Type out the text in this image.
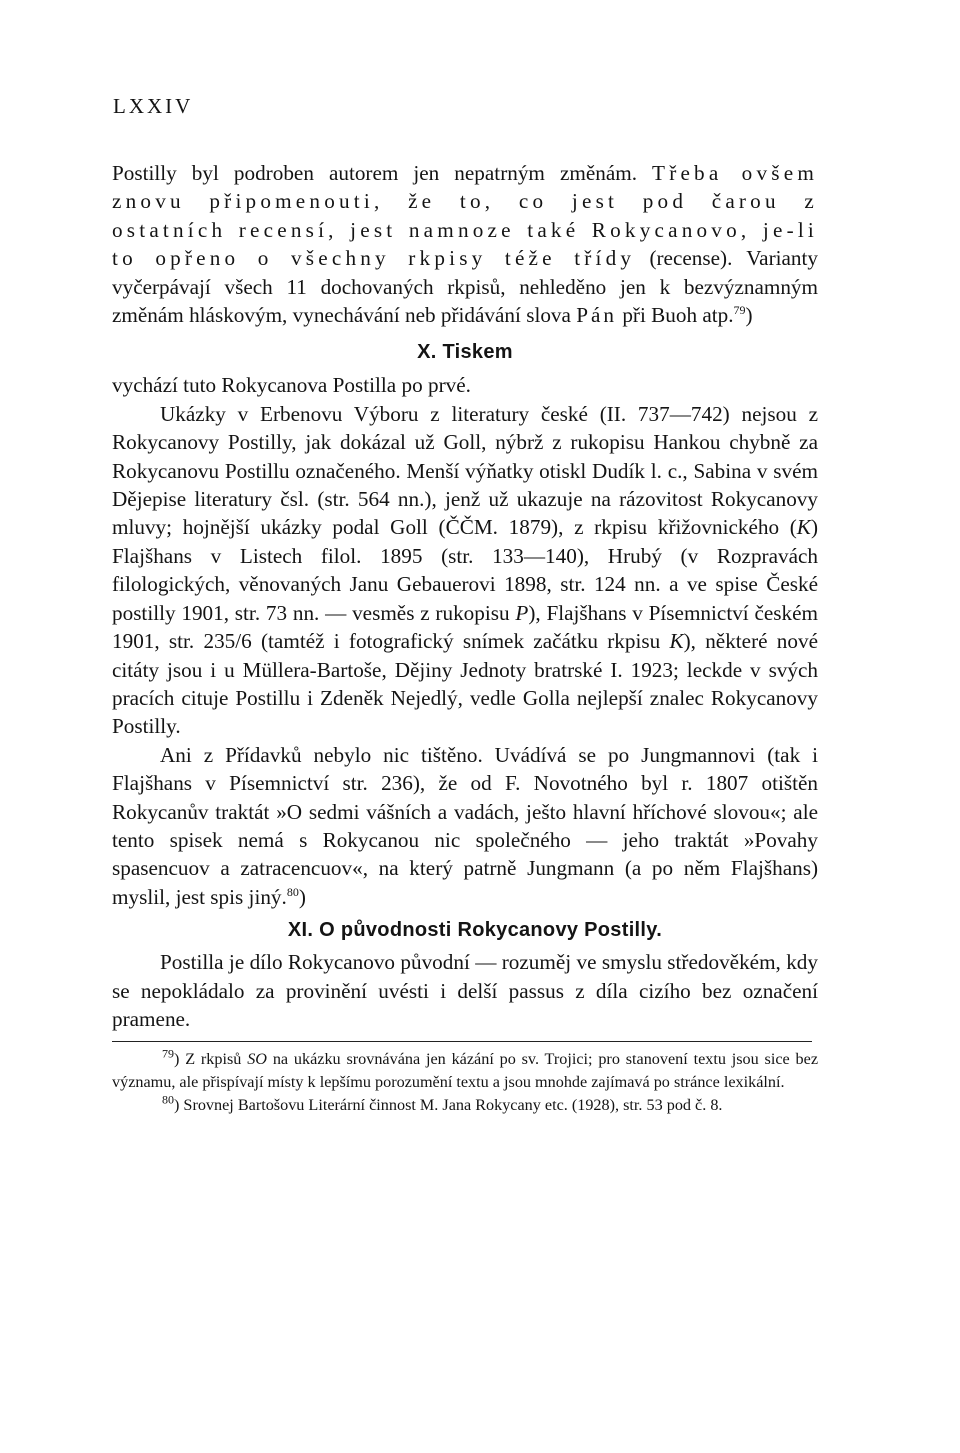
LXXIV

Postilly byl podroben autorem jen nepatrným změnám. Třeba ovšem znovu připomenouti, že to, co jest pod čarou z ostatních recensí, jest namnoze také Rokycanovo, je-li to opřeno o všechny rkpisy téže třídy (recense). Varianty vyčerpávají všech 11 dochovaných rkpisů, nehleděno jen k bezvýznamným změnám hláskovým, vynechávání neb přidávání slova Pán při Buoh atp.$^{79}$)

X. Tiskem

vychází tuto Rokycanova Postilla po prvé.

Ukázky v Erbenovu Výboru z literatury české (II. 737—742) nejsou z Rokycanovy Postilly, jak dokázal už Goll, nýbrž z rukopisu Hankou chybně za Rokycanovu Postillu označeného. Menší výňatky otiskl Dudík l. c., Sabina v svém Dějepise literatury čsl. (str. 564 nn.), jenž už ukazuje na rázovitost Rokycanovy mluvy; hojnější ukázky podal Goll (ČČM. 1879), z rkpisu křižovnického (K) Flajšhans v Listech filol. 1895 (str. 133—140), Hrubý (v Rozpravách filologických, věnovaných Janu Gebauerovi 1898, str. 124 nn. a ve spise České postilly 1901, str. 73 nn. — vesměs z rukopisu P), Flajšhans v Písemnictví českém 1901, str. 235/6 (tamtéž i fotografický snímek začátku rkpisu K), některé nové citáty jsou i u Müllera-Bartoše, Dějiny Jednoty bratrské I. 1923; leckde v svých pracích cituje Postillu i Zdeněk Nejedlý, vedle Golla nejlepší znalec Rokycanovy Postilly.

Ani z Přídavků nebylo nic tištěno. Uvádívá se po Jungmannovi (tak i Flajšhans v Písemnictví str. 236), že od F. Novotného byl r. 1807 otištěn Rokycanův traktát »O sedmi vášních a vadách, ješto hlavní hříchové slovou«; ale tento spisek nemá s Rokycanou nic společného — jeho traktát »Povahy spasencuov a zatracencuov«, na který patrně Jungmann (a po něm Flajšhans) myslil, jest spis jiný.$^{80}$)

XI. O původnosti Rokycanovy Postilly.

Postilla je dílo Rokycanovo původní — rozuměj ve smyslu středověkém, kdy se nepokládalo za provinění uvésti i delší passus z díla cizího bez označení pramene.

$^{79}$) Z rkpisů SO na ukázku srovnávána jen kázání po sv. Trojici; pro stanovení textu jsou sice bez významu, ale přispívají místy k lepšímu porozumění textu a jsou mnohde zajímavá po stránce lexikální.

$^{80}$) Srovnej Bartošovu Literární činnost M. Jana Rokycany etc. (1928), str. 53 pod č. 8.
